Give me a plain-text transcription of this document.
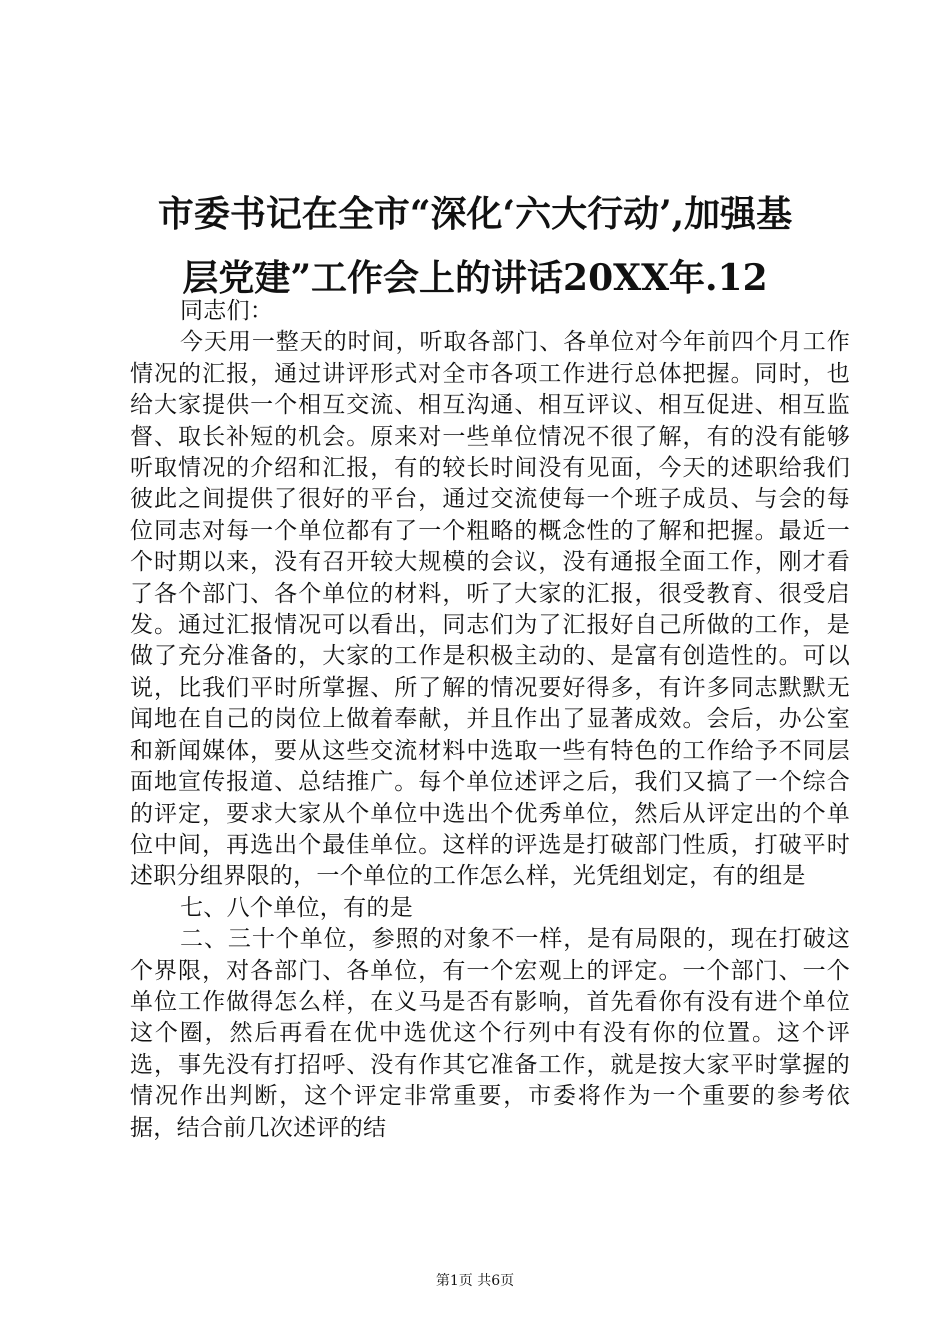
市委书记在全市“深化‘六大行动’,加强基
层党建”工作会上的讲话20XX年.12

同志们：

今天用一整天的时间，听取各部门、各单位对今年前四个月工作情况的汇报，通过讲评形式对全市各项工作进行总体把握。同时，也给大家提供一个相互交流、相互沟通、相互评议、相互促进、相互监督、取长补短的机会。原来对一些单位情况不很了解，有的没有能够听取情况的介绍和汇报，有的较长时间没有见面，今天的述职给我们彼此之间提供了很好的平台，通过交流使每一个班子成员、与会的每位同志对每一个单位都有了一个粗略的概念性的了解和把握。最近一个时期以来，没有召开较大规模的会议，没有通报全面工作，刚才看了各个部门、各个单位的材料，听了大家的汇报，很受教育、很受启发。通过汇报情况可以看出，同志们为了汇报好自己所做的工作，是做了充分准备的，大家的工作是积极主动的、是富有创造性的。可以说，比我们平时所掌握、所了解的情况要好得多，有许多同志默默无闻地在自己的岗位上做着奉献，并且作出了显著成效。会后，办公室和新闻媒体，要从这些交流材料中选取一些有特色的工作给予不同层面地宣传报道、总结推广。每个单位述评之后，我们又搞了一个综合的评定，要求大家从个单位中选出个优秀单位，然后从评定出的个单位中间，再选出个最佳单位。这样的评选是打破部门性质，打破平时述职分组界限的，一个单位的工作怎么样，光凭组划定，有的组是

七、八个单位，有的是

二、三十个单位，参照的对象不一样，是有局限的，现在打破这个界限，对各部门、各单位，有一个宏观上的评定。一个部门、一个单位工作做得怎么样，在义马是否有影响，首先看你有没有进个单位这个圈，然后再看在优中选优这个行列中有没有你的位置。这个评选，事先没有打招呼、没有作其它准备工作，就是按大家平时掌握的情况作出判断，这个评定非常重要，市委将作为一个重要的参考依据，结合前几次述评的结

第1页 共6页
